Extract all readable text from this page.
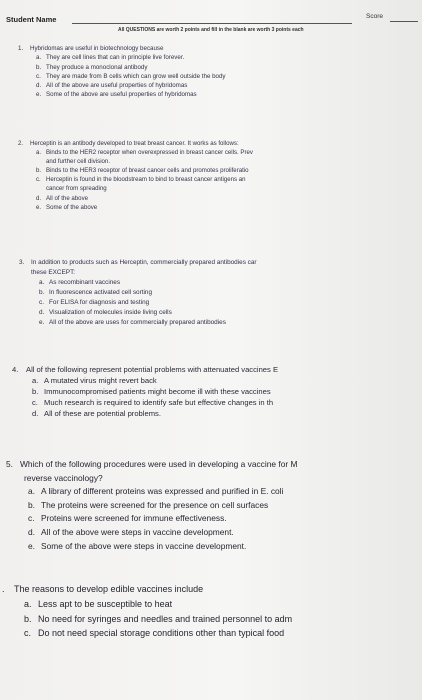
Student Name	Score
All QUESTIONS are worth 2 points and fill in the blank are worth 3 points each
1. Hybridomas are useful in biotechnology because
a. They are cell lines that can in principle live forever.
b. They produce a monoclonal antibody
c. They are made from B cells which can grow well outside the body
d. All of the above are useful properties of hybridomas
e. Some of the above are useful properties of hybridomas
2. Herceptin is an antibody developed to treat breast cancer. It works as follows:
a. Binds to the HER2 receptor when overexpressed in breast cancer cells. Prev
and further cell division.
b. Binds to the HER3 receptor of breast cancer cells and promotes proliferatio
c. Herceptin is found in the bloodstream to bind to breast cancer antigens an
cancer from spreading
d. All of the above
e. Some of the above
3. In addition to products such as Herceptin, commercially prepared antibodies car
these EXCEPT:
a. As recombinant vaccines
b. In fluorescence activated cell sorting
c. For ELISA for diagnosis and testing
d. Visualization of molecules inside living cells
e. All of the above are uses for commercially prepared antibodies
4. All of the following represent potential problems with attenuated vaccines E
a. A mutated virus might revert back
b. Immunocompromised patients might become ill with these vaccines
c. Much research is required to identify safe but effective changes in th
d. All of these are potential problems.
5. Which of the following procedures were used in developing a vaccine for M
reverse vaccinology?
a. A library of different proteins was expressed and purified in E. coli
b. The proteins were screened for the presence on cell surfaces
c. Proteins were screened for immune effectiveness.
d. All of the above were steps in vaccine development.
e. Some of the above were steps in vaccine development.
. The reasons to develop edible vaccines include
a. Less apt to be susceptible to heat
b. No need for syringes and needles and trained personnel to adm
c. Do not need special storage conditions other than typical food
